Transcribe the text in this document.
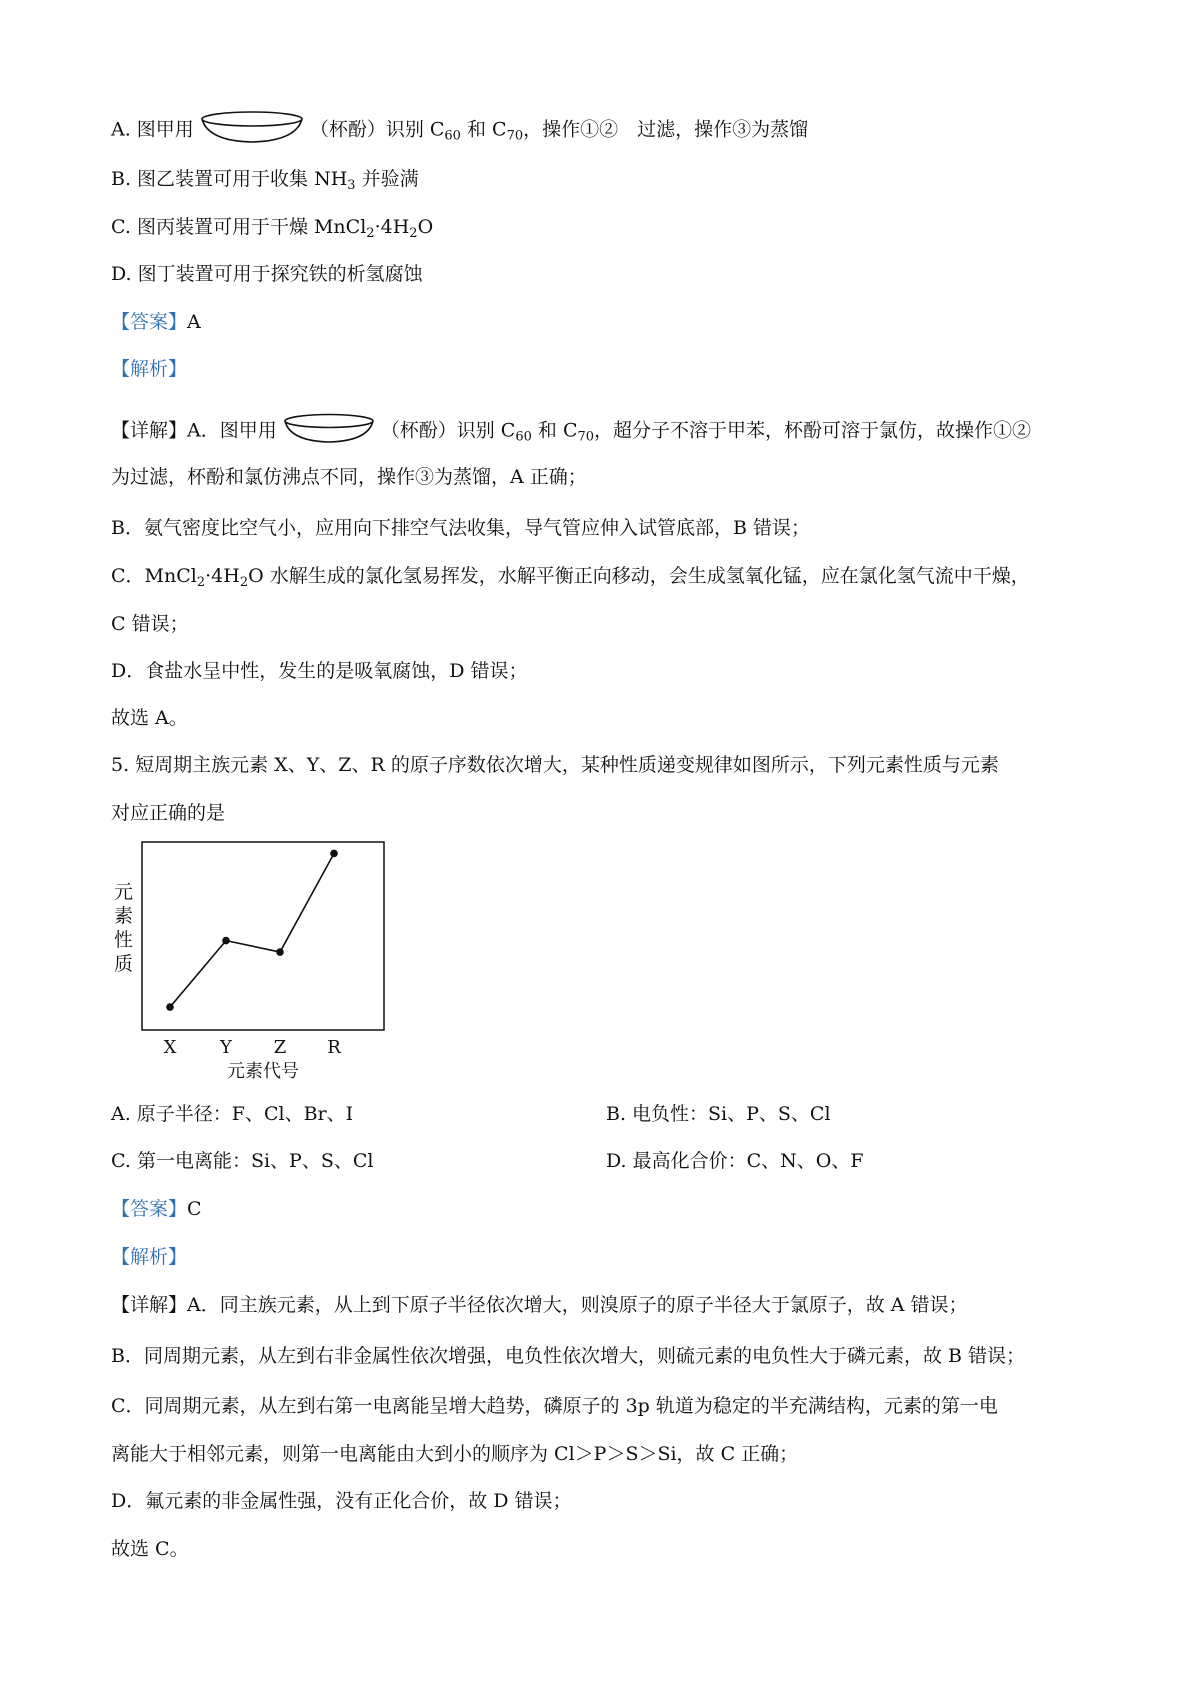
A. 图甲用	（杯酚）识别 $C_{60}$ 和 $C_{70}$，操作①②　过滤，操作③为蒸馏
B. 图乙装置可用于收集 $NH_3$ 并验满
C. 图丙装置可用于干燥 $MnCl_2\cdot 4H_2O$
D. 图丁装置可用于探究铁的析氢腐蚀
【答案】A
【解析】
【详解】A．图甲用	（杯酚）识别 $C_{60}$ 和 $C_{70}$，超分子不溶于甲苯，杯酚可溶于氯仿，故操作①②
为过滤，杯酚和氯仿沸点不同，操作③为蒸馏，A 正确；
B．氨气密度比空气小，应用向下排空气法收集，导气管应伸入试管底部，B 错误；
C．$MnCl_2\cdot 4H_2O$ 水解生成的氯化氢易挥发，水解平衡正向移动，会生成氢氧化锰，应在氯化氢气流中干燥，
C 错误；
D．食盐水呈中性，发生的是吸氧腐蚀，D 错误；
故选 A。
5. 短周期主族元素 X、Y、Z、R 的原子序数依次增大，某种性质递变规律如图所示，下列元素性质与元素
对应正确的是
元
素
性
质
X Y Z R
元素代号
A. 原子半径：F、Cl、Br、I	B. 电负性：Si、P、S、Cl
C. 第一电离能：Si、P、S、Cl	D. 最高化合价：C、N、O、F
【答案】C
【解析】
【详解】A．同主族元素，从上到下原子半径依次增大，则溴原子的原子半径大于氯原子，故 A 错误；
B．同周期元素，从左到右非金属性依次增强，电负性依次增大，则硫元素的电负性大于磷元素，故 B 错误；
C．同周期元素，从左到右第一电离能呈增大趋势，磷原子的 3p 轨道为稳定的半充满结构，元素的第一电
离能大于相邻元素，则第一电离能由大到小的顺序为 Cl＞P＞S＞Si，故 C 正确；
D．氟元素的非金属性强，没有正化合价，故 D 错误；
故选 C。
